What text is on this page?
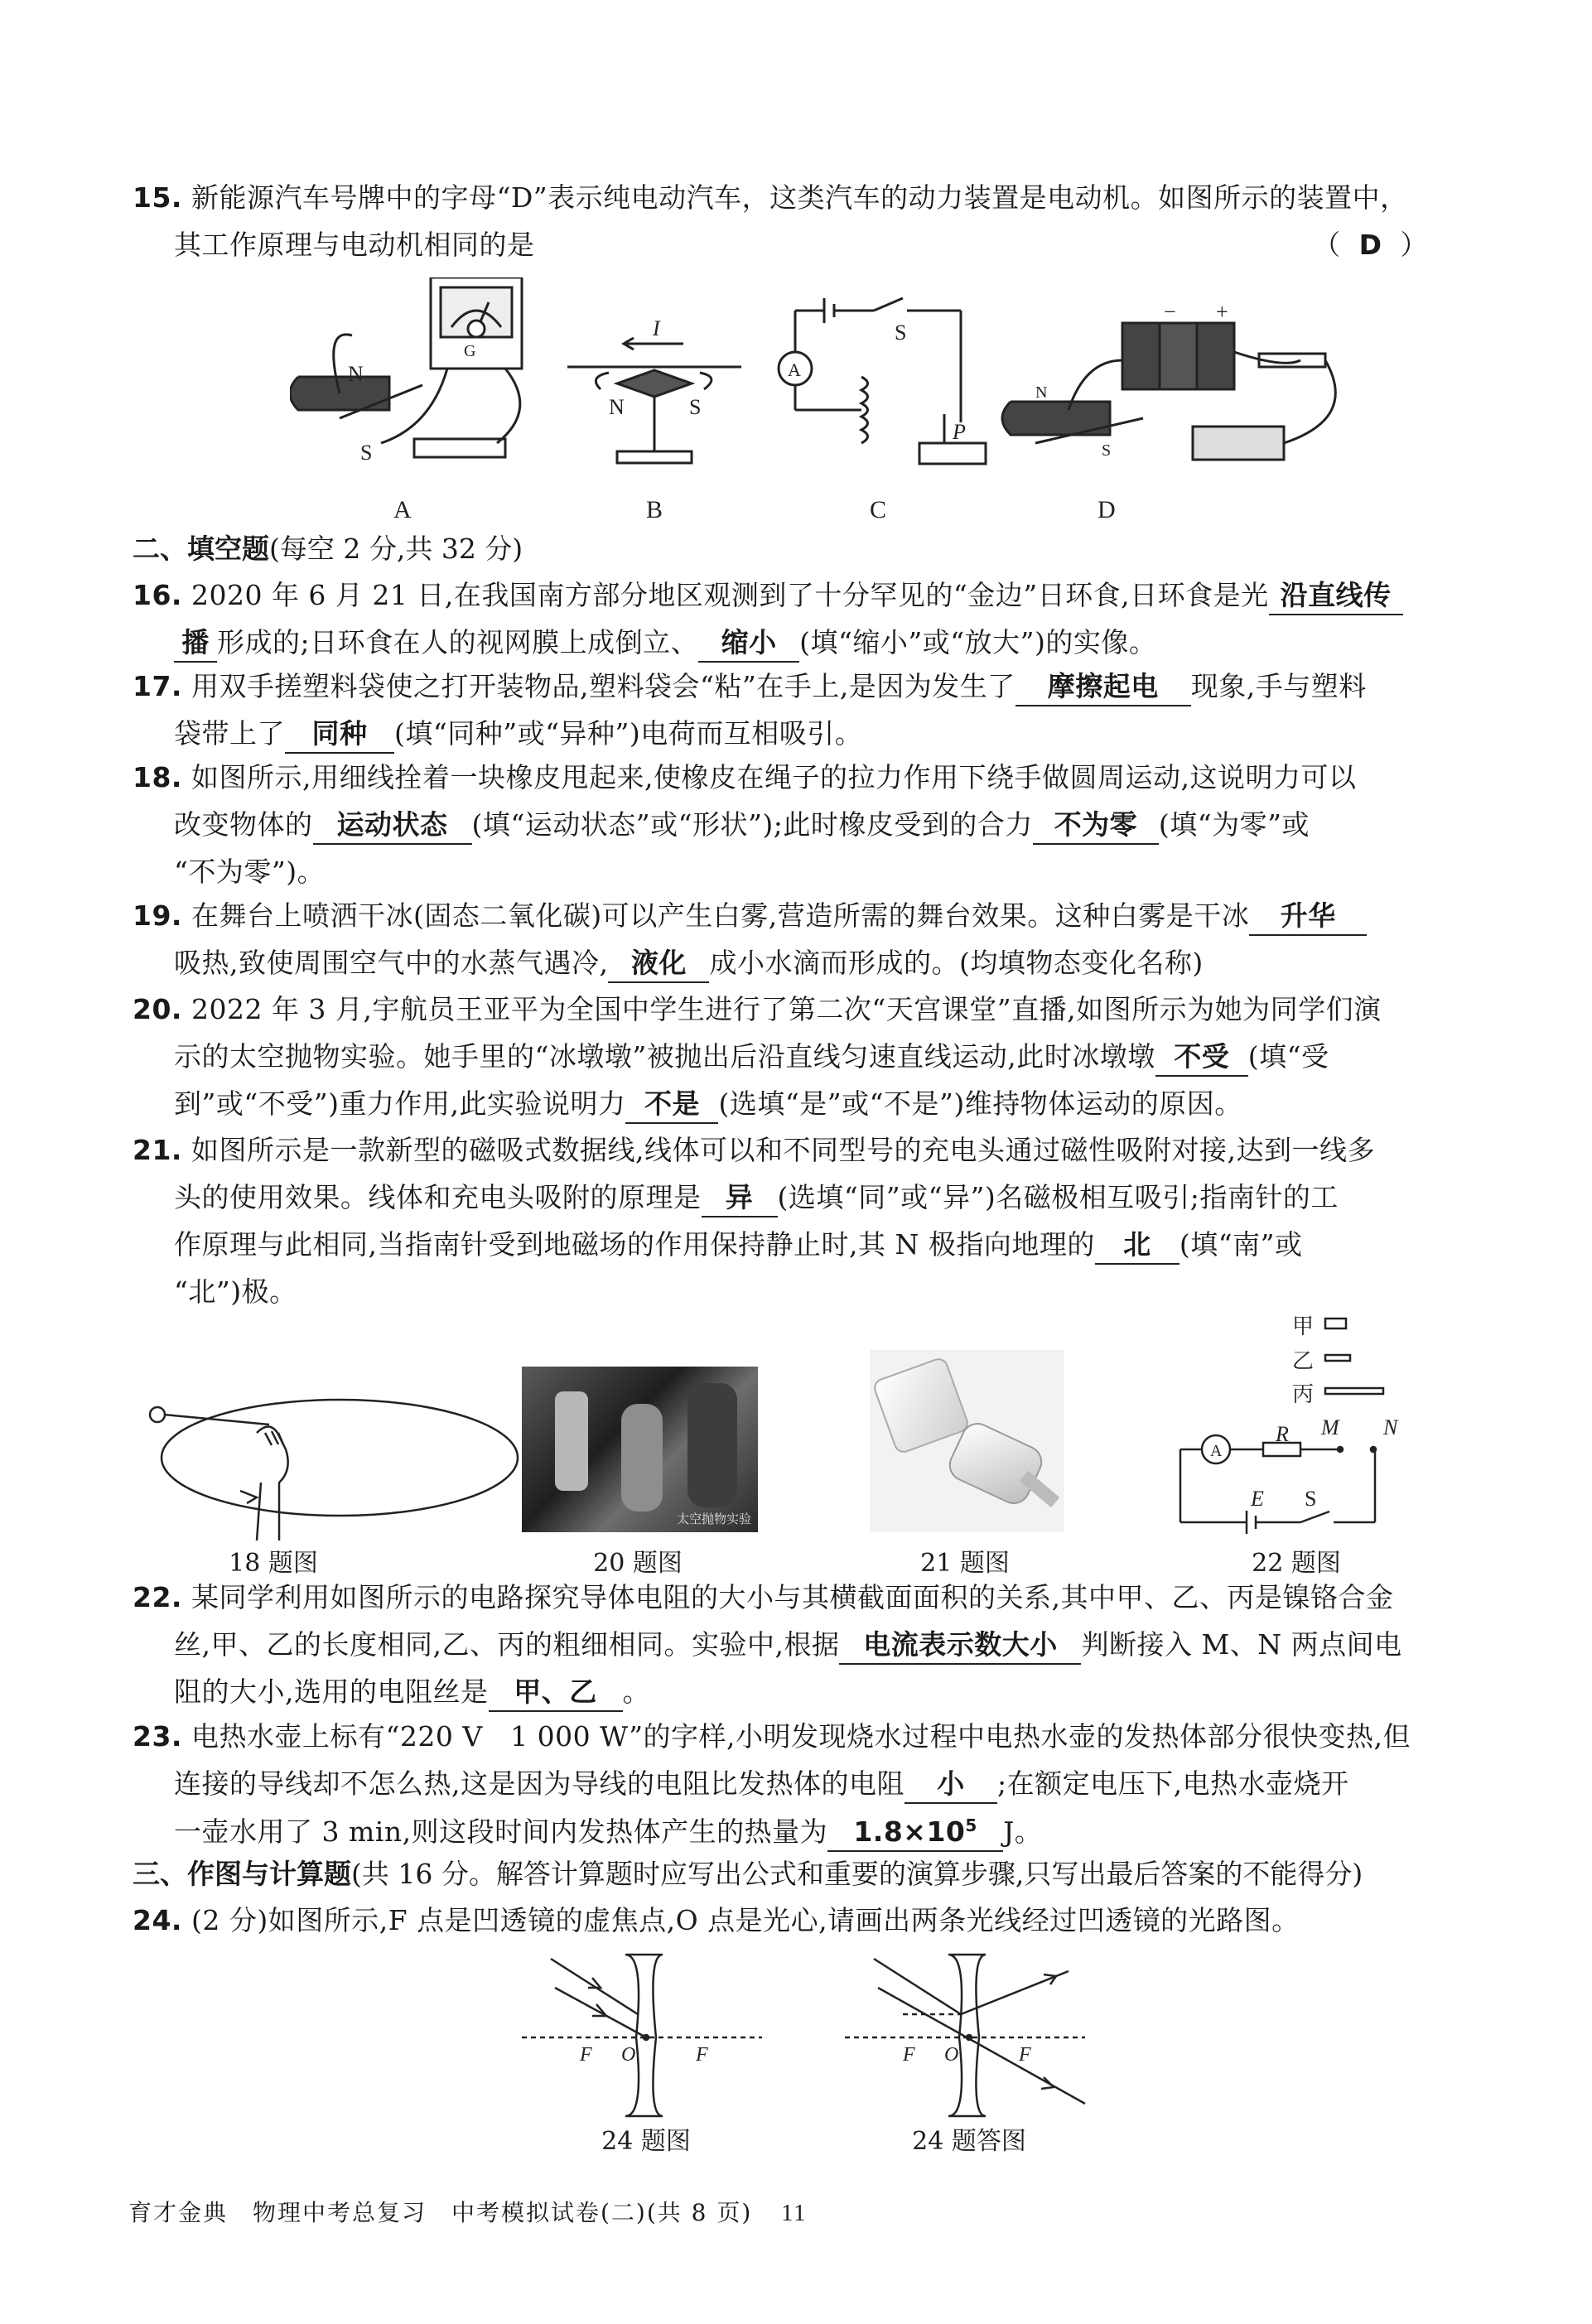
15. 新能源汽车号牌中的字母“D”表示纯电动汽车，这类汽车的动力装置是电动机。如图所示的装置中，
其工作原理与电动机相同的是	（ D ）
N
S
G
I
N	S
S
A
P
N
S
− +
A	B	C	D
二、填空题(每空 2 分,共 32 分)
16. 2020 年 6 月 21 日,在我国南方部分地区观测到了十分罕见的“金边”日环食,日环食是光 沿直线传
播 形成的;日环食在人的视网膜上成倒立、 缩小 (填“缩小”或“放大”)的实像。
17. 用双手搓塑料袋使之打开装物品,塑料袋会“粘”在手上,是因为发生了 摩擦起电 现象,手与塑料
袋带上了 同种 (填“同种”或“异种”)电荷而互相吸引。
18. 如图所示,用细线拴着一块橡皮甩起来,使橡皮在绳子的拉力作用下绕手做圆周运动,这说明力可以
改变物体的 运动状态 (填“运动状态”或“形状”);此时橡皮受到的合力 不为零 (填“为零”或
“不为零”)。
19. 在舞台上喷洒干冰(固态二氧化碳)可以产生白雾,营造所需的舞台效果。这种白雾是干冰 升华
吸热,致使周围空气中的水蒸气遇冷, 液化 成小水滴而形成的。(均填物态变化名称)
20. 2022 年 3 月,宇航员王亚平为全国中学生进行了第二次“天宫课堂”直播,如图所示为她为同学们演
示的太空抛物实验。她手里的“冰墩墩”被抛出后沿直线匀速直线运动,此时冰墩墩 不受 (填“受
到”或“不受”)重力作用,此实验说明力 不是 (选填“是”或“不是”)维持物体运动的原因。
21. 如图所示是一款新型的磁吸式数据线,线体可以和不同型号的充电头通过磁性吸附对接,达到一线多
头的使用效果。线体和充电头吸附的原理是 异 (选填“同”或“异”)名磁极相互吸引;指南针的工
作原理与此相同,当指南针受到地磁场的作用保持静止时,其 N 极指向地理的 北 (填“南”或
“北”)极。
18 题图
太空抛物实验
20 题图	21 题图
甲
乙
丙
R M N
E S
A
22 题图
22. 某同学利用如图所示的电路探究导体电阻的大小与其横截面面积的关系,其中甲、乙、丙是镍铬合金
丝,甲、乙的长度相同,乙、丙的粗细相同。实验中,根据 电流表示数大小 判断接入 M、N 两点间电
阻的大小,选用的电阻丝是 甲、乙 。
23. 电热水壶上标有“220 V　1 000 W”的字样,小明发现烧水过程中电热水壶的发热体部分很快变热,但
连接的导线却不怎么热,这是因为导线的电阻比发热体的电阻 小 ;在额定电压下,电热水壶烧开
一壶水用了 3 min,则这段时间内发热体产生的热量为 $1.8\times 10^5$ J。
三、作图与计算题(共 16 分。解答计算题时应写出公式和重要的演算步骤,只写出最后答案的不能得分)
24. (2 分)如图所示,F 点是凹透镜的虚焦点,O 点是光心,请画出两条光线经过凹透镜的光路图。
F O	F	F O	F
24 题图	24 题答图
育才金典　物理中考总复习　中考模拟试卷(二)(共 8 页) 11
